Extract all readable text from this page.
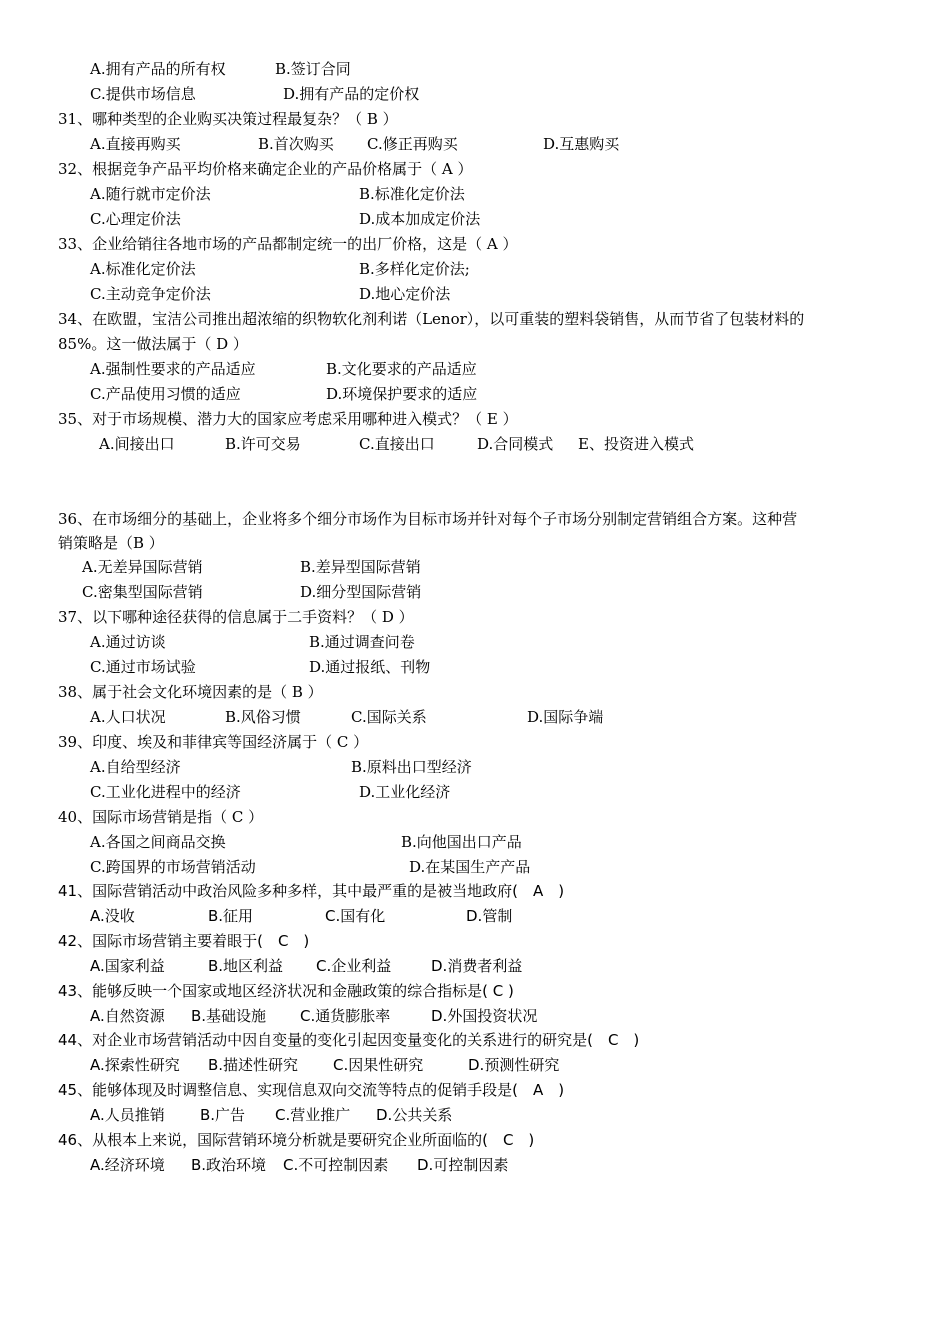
A.拥有产品的所有权

	B.签订合同

C.提供市场信息

	D.拥有产品的定价权

31、哪种类型的企业购买决策过程最复杂？（ B ）

A.直接再购买

	B.首次购买

C.修正再购买

	D.互惠购买

32、根据竞争产品平均价格来确定企业的产品价格属于（ A ）

A.随行就市定价法

	B.标准化定价法

C.心理定价法

	D.成本加成定价法

33、企业给销往各地市场的产品都制定统一的出厂价格，这是（ A ）

A.标准化定价法

	B.多样化定价法;

C.主动竞争定价法

	D.地心定价法

34、在欧盟，宝洁公司推出超浓缩的织物软化剂利诺（Lenor），以可重装的塑料袋销售，从而节省了包装材料的
85%。这一做法属于（ D ）

A.强制性要求的产品适应

	B.文化要求的产品适应

C.产品使用习惯的适应

	D.环境保护要求的适应

35、对于市场规模、潜力大的国家应考虑采用哪种进入模式？（ E ）

A.间接出口

	B.许可交易

	C.直接出口

	D.合同模式

E、投资进入模式

36、在市场细分的基础上，企业将多个细分市场作为目标市场并针对每个子市场分别制定营销组合方案。这种营
销策略是（B ）

A.无差异国际营销

	B.差异型国际营销

C.密集型国际营销

	D.细分型国际营销

37、以下哪种途径获得的信息属于二手资料？（ D ）

A.通过访谈

	B.通过调查问卷

C.通过市场试验

	D.通过报纸、刊物

38、属于社会文化环境因素的是（ B ）

A.人口状况

	B.风俗习惯

	C.国际关系

	D.国际争端

39、印度、埃及和菲律宾等国经济属于（ C ）

A.自给型经济

	B.原料出口型经济

C.工业化进程中的经济

	D.工业化经济

40、国际市场营销是指（ C ）

A.各国之间商品交换

	B.向他国出口产品

C.跨国界的市场营销活动

	D.在某国生产产品

41、国际营销活动中政治风险多种多样，其中最严重的是被当地政府(　A　)

A.没收

	B.征用

	C.国有化

	D.管制

42、国际市场营销主要着眼于(　C　)

A.国家利益

	B.地区利益

C.企业利益

	D.消费者利益

43、能够反映一个国家或地区经济状况和金融政策的综合指标是( C )

A.自然资源

B.基础设施

C.通货膨胀率

	D.外国投资状况

44、对企业市场营销活动中因自变量的变化引起因变量变化的关系进行的研究是(　C　)

A.探索性研究

B.描述性研究

C.因果性研究

	D.预测性研究

45、能够体现及时调整信息、实现信息双向交流等特点的促销手段是(　A　)

A.人员推销

B.广告

C.营业推广

D.公共关系

46、从根本上来说，国际营销环境分析就是要研究企业所面临的(　C　)

A.经济环境

B.政治环境

C.不可控制因素

D.可控制因素
